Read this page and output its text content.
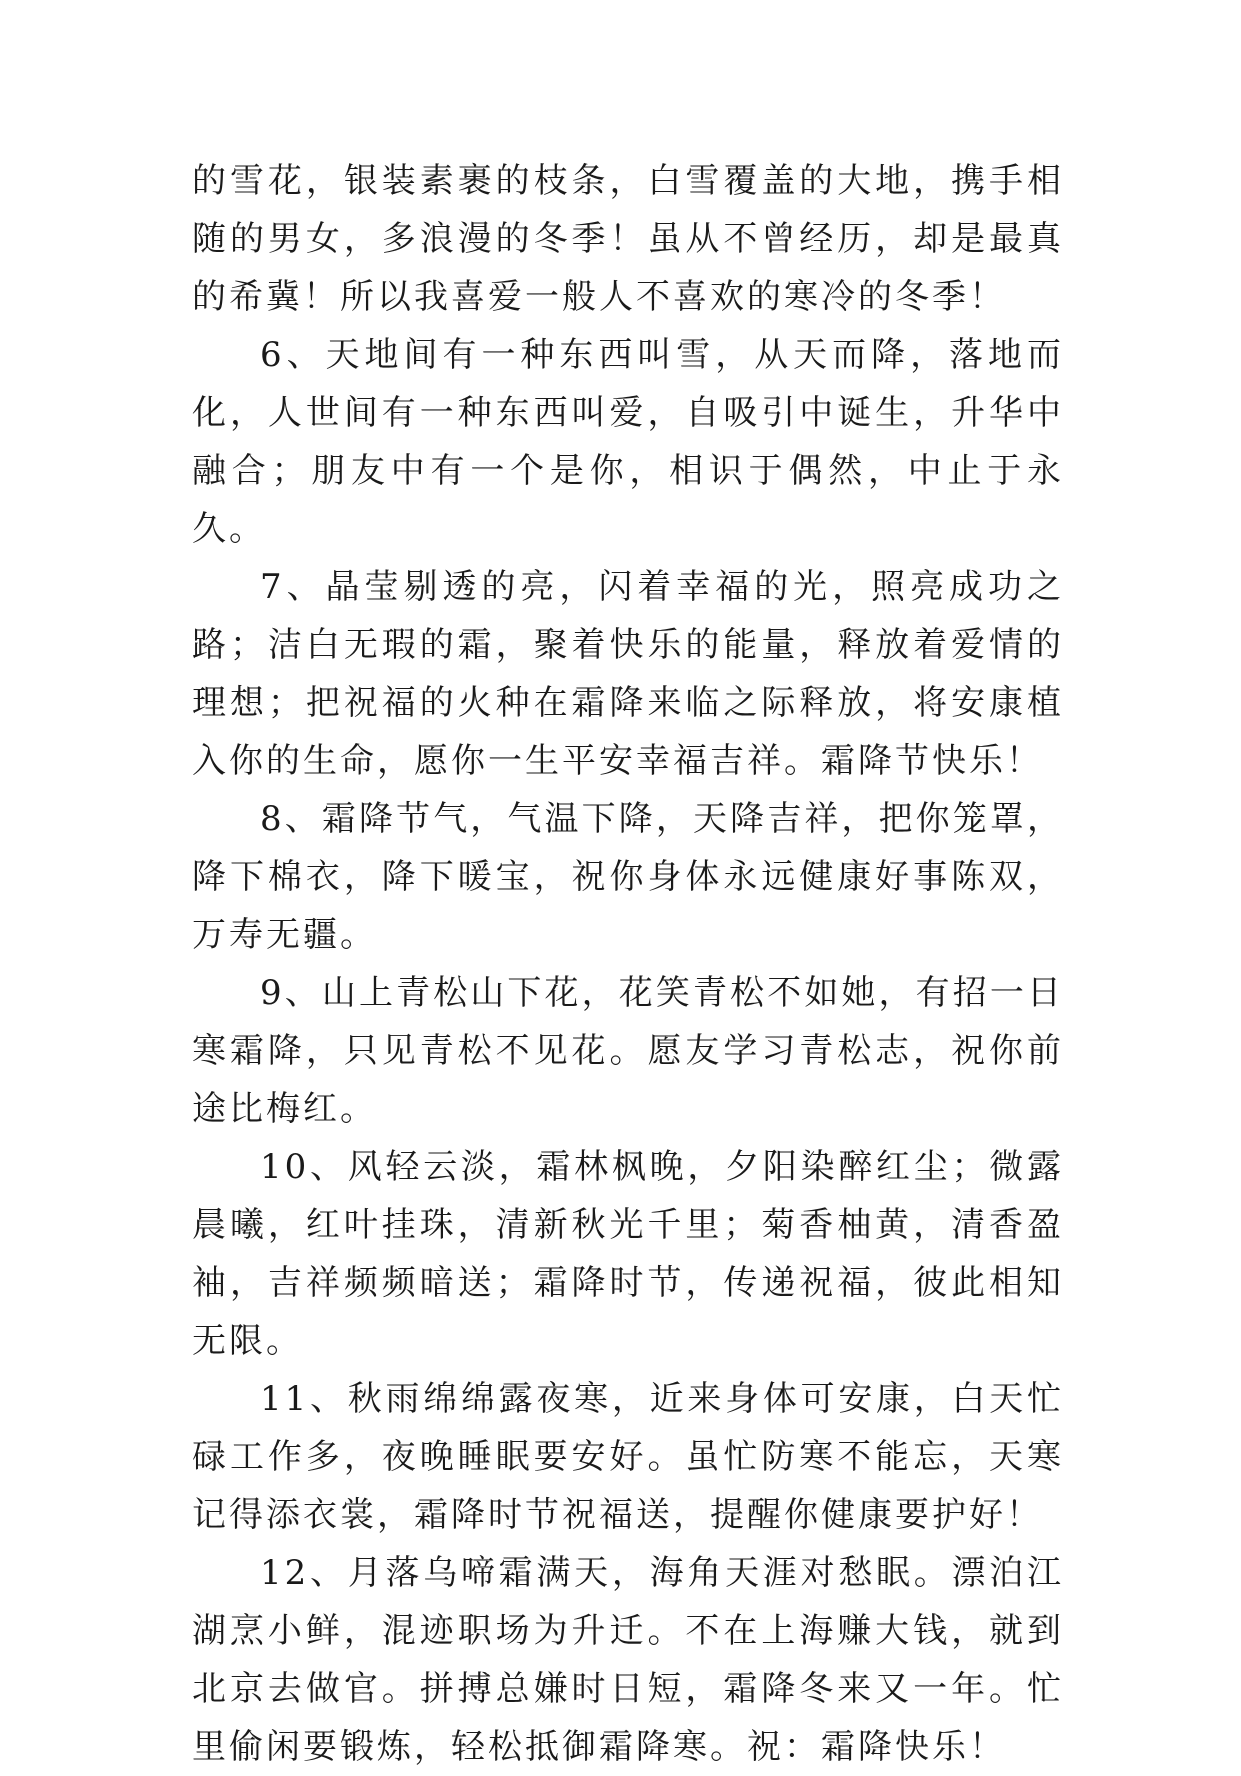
的雪花，银装素裹的枝条，白雪覆盖的大地，携手相随的男女，多浪漫的冬季！虽从不曾经历，却是最真的希冀！所以我喜爱一般人不喜欢的寒冷的冬季！

6、天地间有一种东西叫雪，从天而降，落地而化，人世间有一种东西叫爱，自吸引中诞生，升华中融合；朋友中有一个是你，相识于偶然，中止于永久。

7、晶莹剔透的亮，闪着幸福的光，照亮成功之路；洁白无瑕的霜，聚着快乐的能量，释放着爱情的理想；把祝福的火种在霜降来临之际释放，将安康植入你的生命，愿你一生平安幸福吉祥。霜降节快乐！

8、霜降节气，气温下降，天降吉祥，把你笼罩，降下棉衣，降下暖宝，祝你身体永远健康好事陈双，万寿无疆。

9、山上青松山下花，花笑青松不如她，有招一日寒霜降，只见青松不见花。愿友学习青松志，祝你前途比梅红。

10、风轻云淡，霜林枫晚，夕阳染醉红尘；微露晨曦，红叶挂珠，清新秋光千里；菊香柚黄，清香盈袖，吉祥频频暗送；霜降时节，传递祝福，彼此相知无限。

11、秋雨绵绵露夜寒，近来身体可安康，白天忙碌工作多，夜晚睡眠要安好。虽忙防寒不能忘，天寒记得添衣裳，霜降时节祝福送，提醒你健康要护好！

12、月落乌啼霜满天，海角天涯对愁眠。漂泊江湖烹小鲜，混迹职场为升迁。不在上海赚大钱，就到北京去做官。拼搏总嫌时日短，霜降冬来又一年。忙里偷闲要锻炼，轻松抵御霜降寒。祝：霜降快乐！
